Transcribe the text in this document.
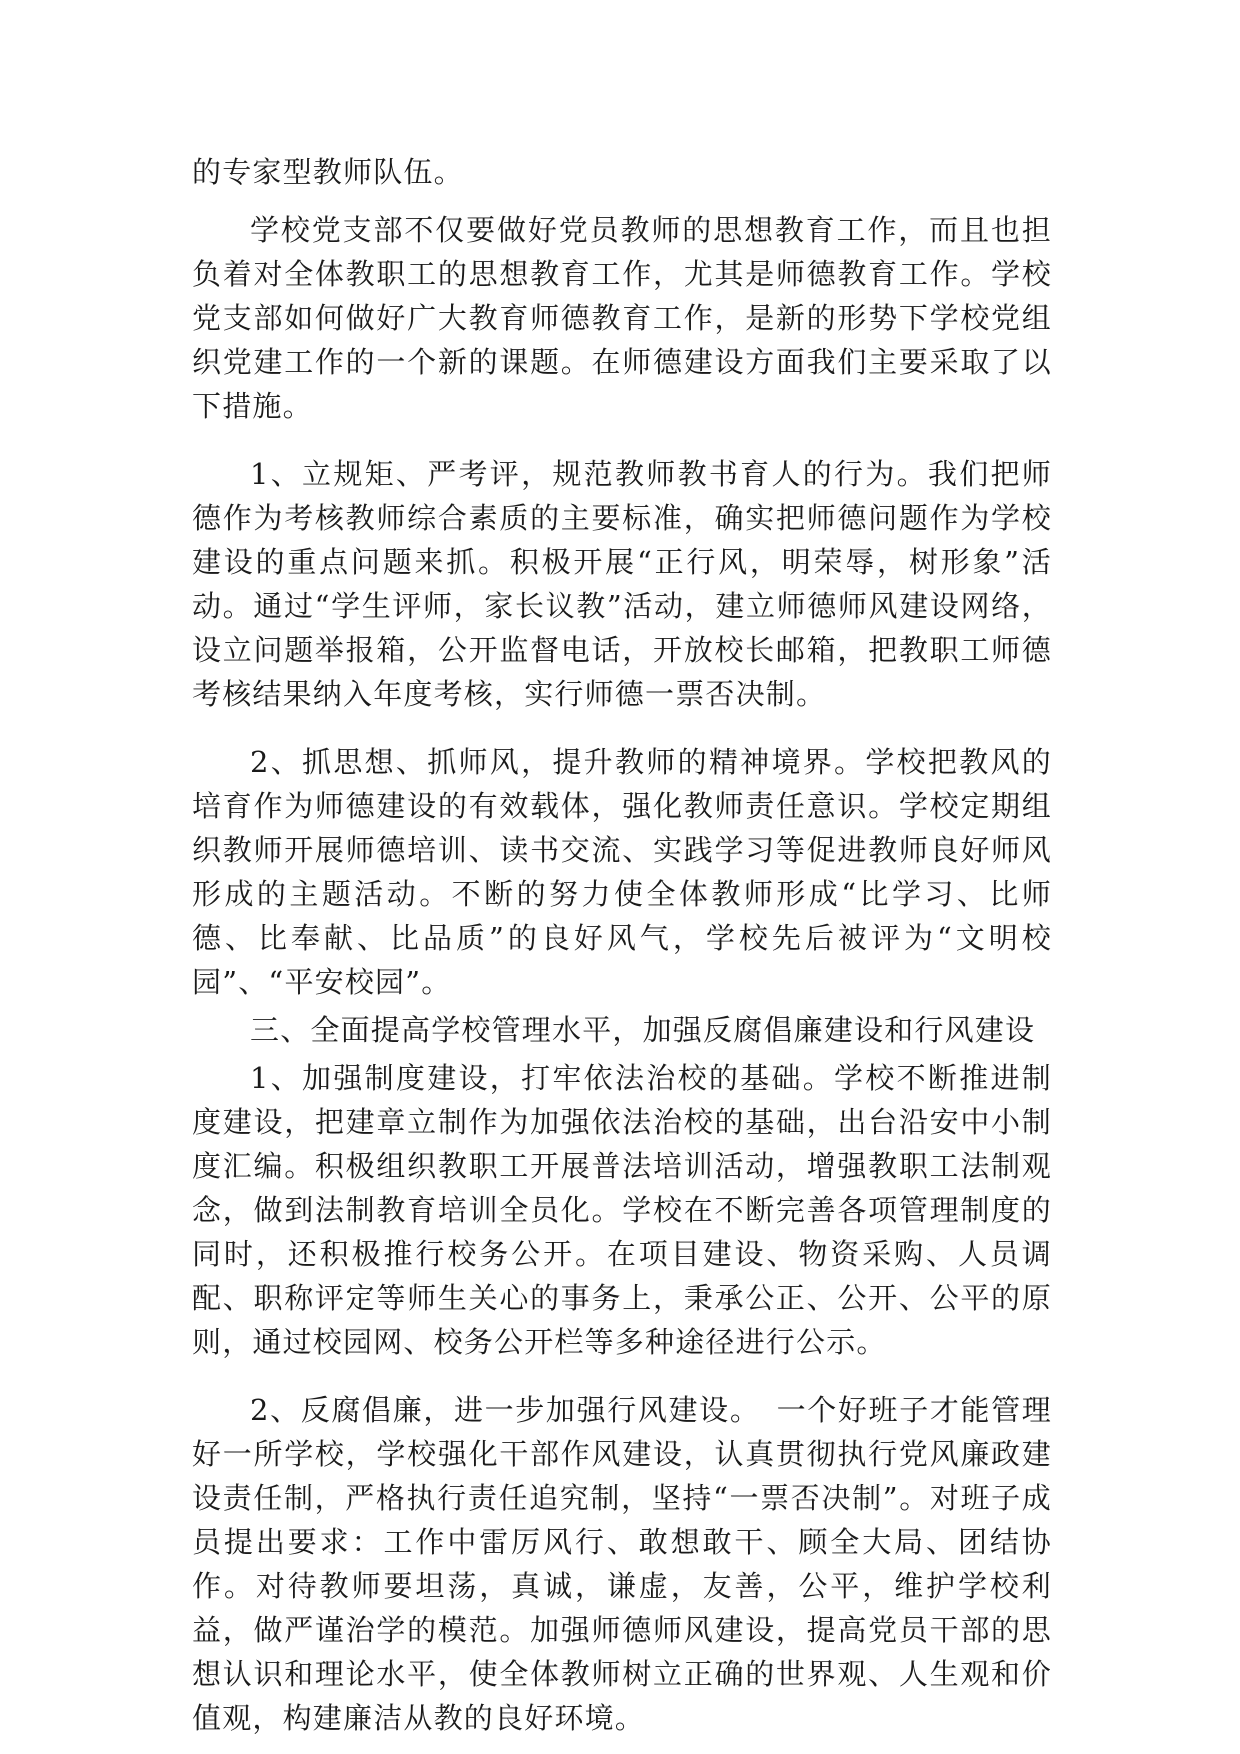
的专家型教师队伍。

学校党支部不仅要做好党员教师的思想教育工作，而且也担负着对全体教职工的思想教育工作，尤其是师德教育工作。学校党支部如何做好广大教育师德教育工作，是新的形势下学校党组织党建工作的一个新的课题。在师德建设方面我们主要采取了以下措施。

1、立规矩、严考评，规范教师教书育人的行为。我们把师德作为考核教师综合素质的主要标准，确实把师德问题作为学校建设的重点问题来抓。积极开展“正行风，明荣辱，树形象”活动。通过“学生评师，家长议教”活动，建立师德师风建设网络，设立问题举报箱，公开监督电话，开放校长邮箱，把教职工师德考核结果纳入年度考核，实行师德一票否决制。

2、抓思想、抓师风，提升教师的精神境界。学校把教风的培育作为师德建设的有效载体，强化教师责任意识。学校定期组织教师开展师德培训、读书交流、实践学习等促进教师良好师风形成的主题活动。不断的努力使全体教师形成“比学习、比师德、比奉献、比品质”的良好风气，学校先后被评为“文明校园”、“平安校园”。

三、全面提高学校管理水平，加强反腐倡廉建设和行风建设

1、加强制度建设，打牢依法治校的基础。学校不断推进制度建设，把建章立制作为加强依法治校的基础，出台沿安中小制度汇编。积极组织教职工开展普法培训活动，增强教职工法制观念，做到法制教育培训全员化。学校在不断完善各项管理制度的同时，还积极推行校务公开。在项目建设、物资采购、人员调配、职称评定等师生关心的事务上，秉承公正、公开、公平的原则，通过校园网、校务公开栏等多种途径进行公示。

2、反腐倡廉，进一步加强行风建设。　一个好班子才能管理好一所学校，学校强化干部作风建设，认真贯彻执行党风廉政建设责任制，严格执行责任追究制，坚持“一票否决制”。对班子成员提出要求：工作中雷厉风行、敢想敢干、顾全大局、团结协作。对待教师要坦荡，真诚，谦虚，友善，公平，维护学校利益，做严谨治学的模范。加强师德师风建设，提高党员干部的思想认识和理论水平，使全体教师树立正确的世界观、人生观和价值观，构建廉洁从教的良好环境。
